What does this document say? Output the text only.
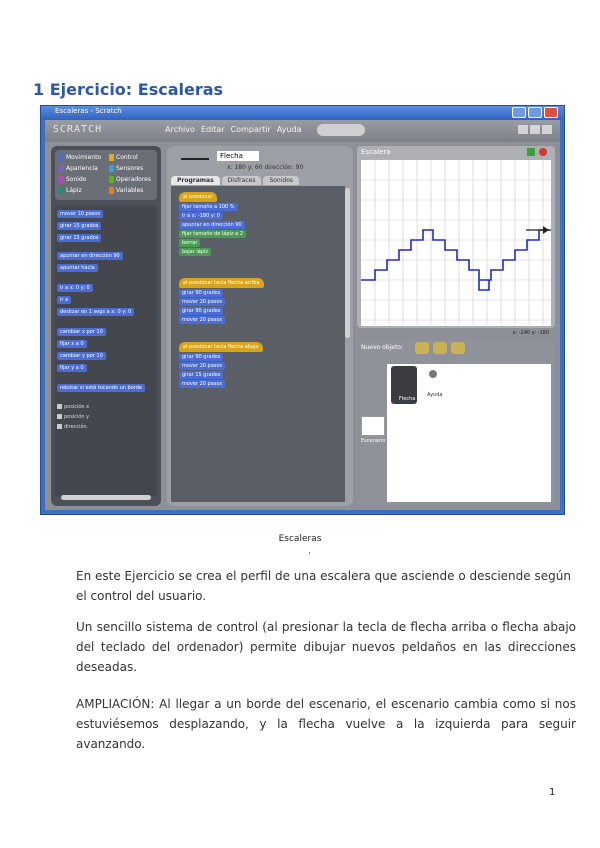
1 Ejercicio: Escaleras
Escaleras - Scratch
SCRATCH	Archivo Editar Compartir Ayuda
Movimiento	Control
Apariencia	Sensores
Sonido	Operadores
Lápiz	Variables
mover 10 pasos
girar 15 grados
girar 15 grados
apuntar en dirección 90
apuntar hacia
ir a x: 0 y: 0
ir a
deslizar en 1 segs a x: 0 y: 0
cambiar x por 10
fijar x a 0
cambiar y por 10
fijar y a 0
rebotar si está tocando un borde
posición x
posición y
dirección
Flecha
x: 180 y: 60 dirección: 90
Programas	Disfraces	Sonidos
al presionar
fijar tamaño a 100 %
ir a x: -180 y: 0
apuntar en dirección 90
fijar tamaño de lápiz a 2
borrar
bajar lápiz
al presionar tecla flecha arriba
girar 90 grados
mover 20 pasos
girar 90 grados
mover 20 pasos
al presionar tecla flecha abajo
girar 90 grados
mover 20 pasos
girar 15 grados
mover 20 pasos
Escalera
x: -240 y: -180
Nuevo objeto:
Escenario
Flecha
Ayuda
Escaleras
·

En este Ejercicio se crea el perfil de una escalera que asciende o desciende según el control del usuario.

Un sencillo sistema de control (al presionar la tecla de flecha arriba o flecha abajo del teclado del ordenador) permite dibujar nuevos peldaños en las direcciones deseadas.

AMPLIACIÓN: Al llegar a un borde del escenario, el escenario cambia como si nos estuviésemos desplazando, y la flecha vuelve a la izquierda para seguir avanzando.

1
